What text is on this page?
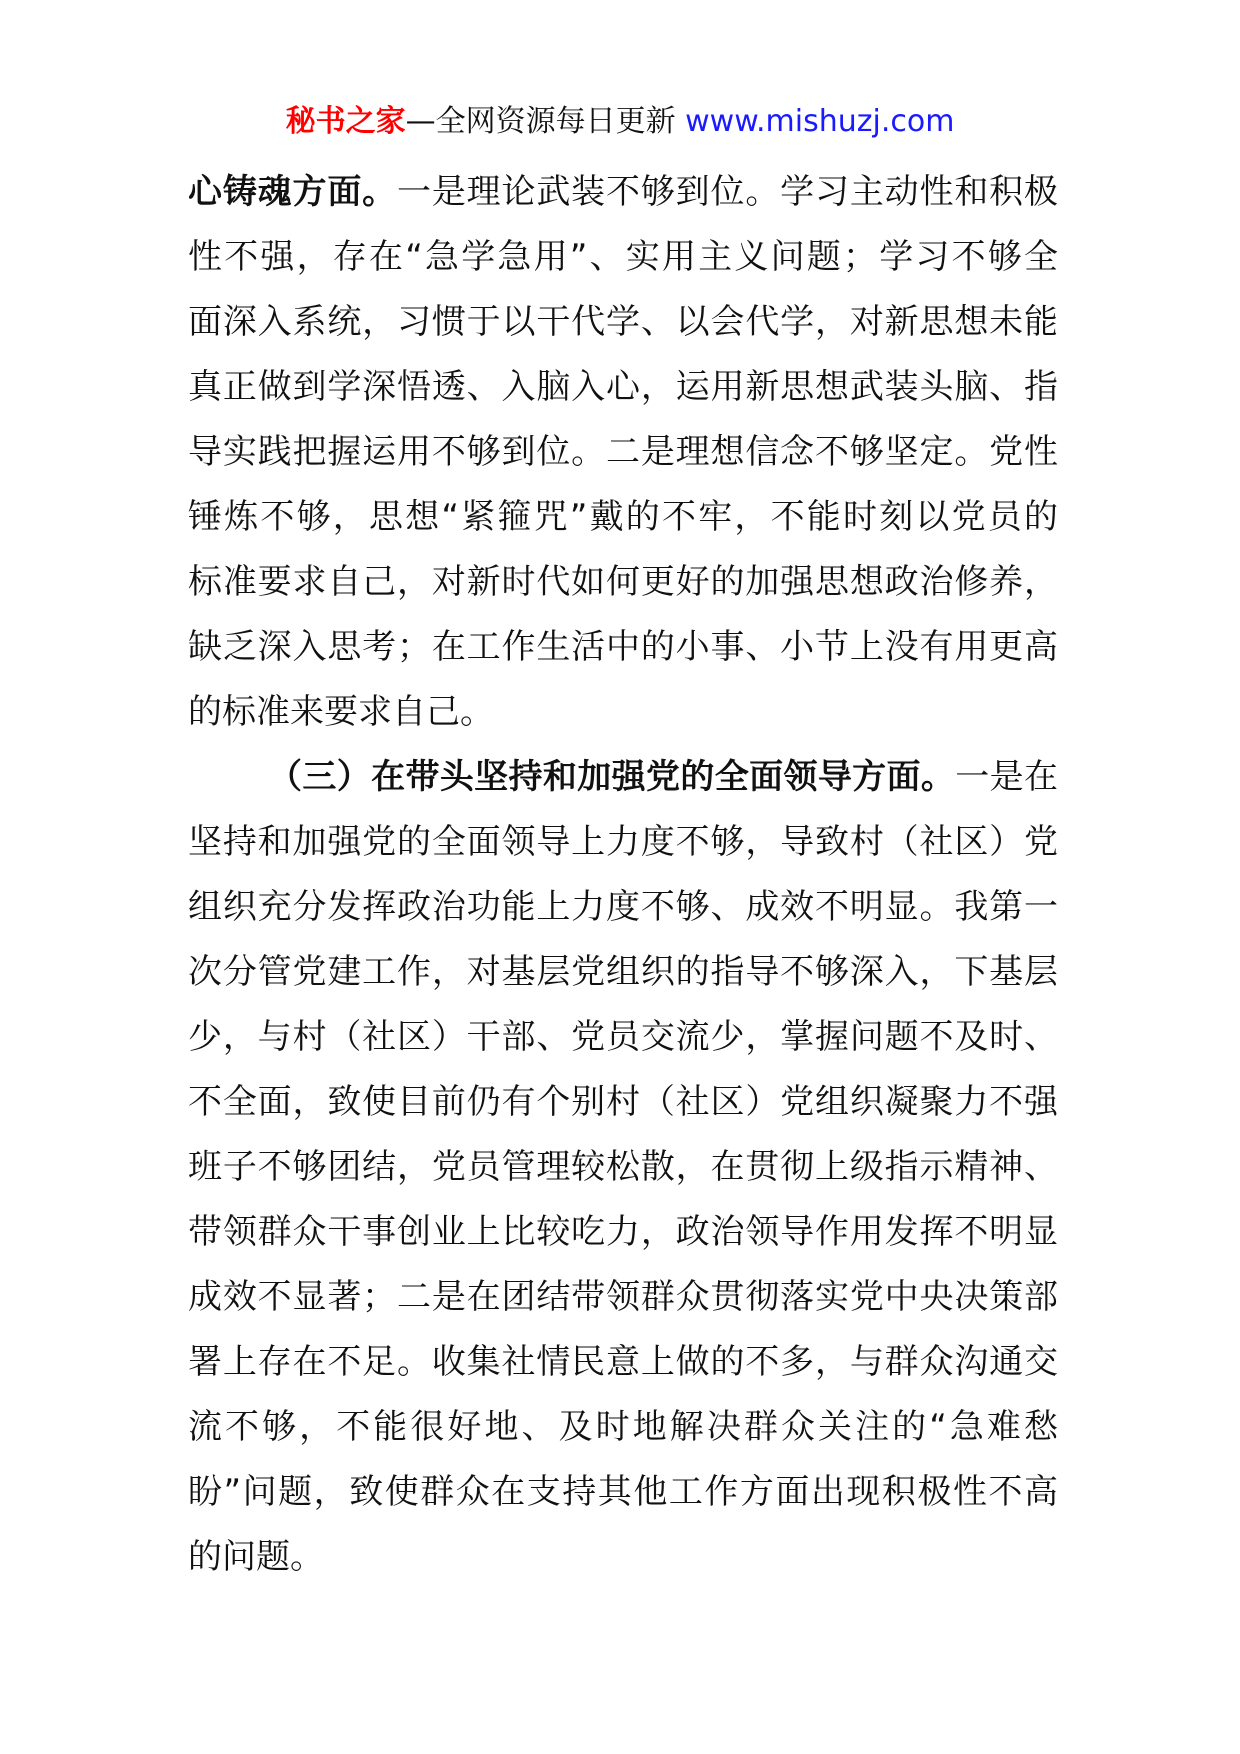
秘书之家—全网资源每日更新 www.mishuzj.com
心铸魂方面。一是理论武装不够到位。学习主动性和积极
性不强，存在“急学急用”、实用主义问题；学习不够全
面深入系统，习惯于以干代学、以会代学，对新思想未能
真正做到学深悟透、入脑入心，运用新思想武装头脑、指
导实践把握运用不够到位。二是理想信念不够坚定。党性
锤炼不够，思想“紧箍咒”戴的不牢，不能时刻以党员的
标准要求自己，对新时代如何更好的加强思想政治修养，
缺乏深入思考；在工作生活中的小事、小节上没有用更高
的标准来要求自己。
（三）在带头坚持和加强党的全面领导方面。一是在
坚持和加强党的全面领导上力度不够，导致村（社区）党
组织充分发挥政治功能上力度不够、成效不明显。我第一
次分管党建工作，对基层党组织的指导不够深入，下基层
少，与村（社区）干部、党员交流少，掌握问题不及时、
不全面，致使目前仍有个别村（社区）党组织凝聚力不强
班子不够团结，党员管理较松散，在贯彻上级指示精神、
带领群众干事创业上比较吃力，政治领导作用发挥不明显
成效不显著；二是在团结带领群众贯彻落实党中央决策部
署上存在不足。收集社情民意上做的不多，与群众沟通交
流不够，不能很好地、及时地解决群众关注的“急难愁
盼”问题，致使群众在支持其他工作方面出现积极性不高
的问题。
